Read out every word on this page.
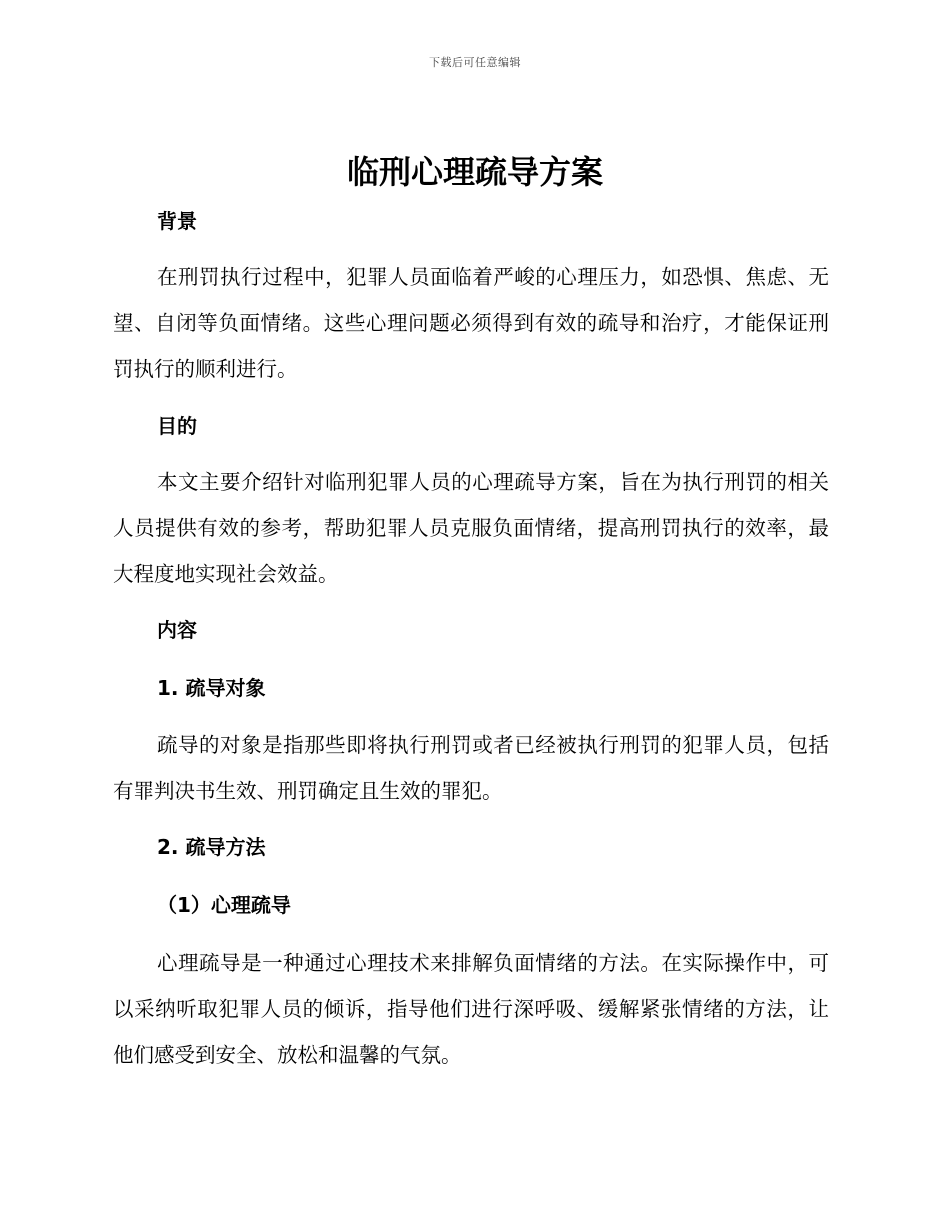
下载后可任意编辑
临刑心理疏导方案
背景

在刑罚执行过程中，犯罪人员面临着严峻的心理压力，如恐惧、焦虑、无望、自闭等负面情绪。这些心理问题必须得到有效的疏导和治疗，才能保证刑罚执行的顺利进行。

目的

本文主要介绍针对临刑犯罪人员的心理疏导方案，旨在为执行刑罚的相关人员提供有效的参考，帮助犯罪人员克服负面情绪，提高刑罚执行的效率，最大程度地实现社会效益。

内容
1. 疏导对象

疏导的对象是指那些即将执行刑罚或者已经被执行刑罚的犯罪人员，包括有罪判决书生效、刑罚确定且生效的罪犯。

2. 疏导方法
（1）心理疏导

心理疏导是一种通过心理技术来排解负面情绪的方法。在实际操作中，可以采纳听取犯罪人员的倾诉，指导他们进行深呼吸、缓解紧张情绪的方法，让他们感受到安全、放松和温馨的气氛。
